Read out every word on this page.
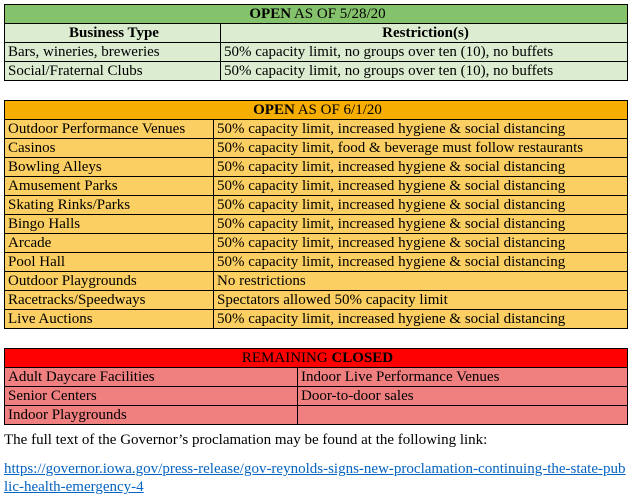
OPEN AS OF 5/28/20	
Business Type	Restriction(s)
Bars, wineries, breweries	50% capacity limit, no groups over ten (10), no buffets
Social/Fraternal Clubs	50% capacity limit, no groups over ten (10), no buffets
OPEN AS OF 6/1/20	
Outdoor Performance Venues	50% capacity limit, increased hygiene & social distancing
Casinos	50% capacity limit, food & beverage must follow restaurants
Bowling Alleys	50% capacity limit, increased hygiene & social distancing
Amusement Parks	50% capacity limit, increased hygiene & social distancing
Skating Rinks/Parks	50% capacity limit, increased hygiene & social distancing
Bingo Halls	50% capacity limit, increased hygiene & social distancing
Arcade	50% capacity limit, increased hygiene & social distancing
Pool Hall	50% capacity limit, increased hygiene & social distancing
Outdoor Playgrounds	No restrictions
Racetracks/Speedways	Spectators allowed 50% capacity limit
Live Auctions	50% capacity limit, increased hygiene & social distancing
REMAINING CLOSED	
Adult Daycare Facilities	Indoor Live Performance Venues
Senior Centers	Door-to-door sales
Indoor Playgrounds	
The full text of the Governor’s proclamation may be found at the following link:
https://governor.iowa.gov/press-release/gov-reynolds-signs-new-proclamation-continuing-the-state-public-health-emergency-4
